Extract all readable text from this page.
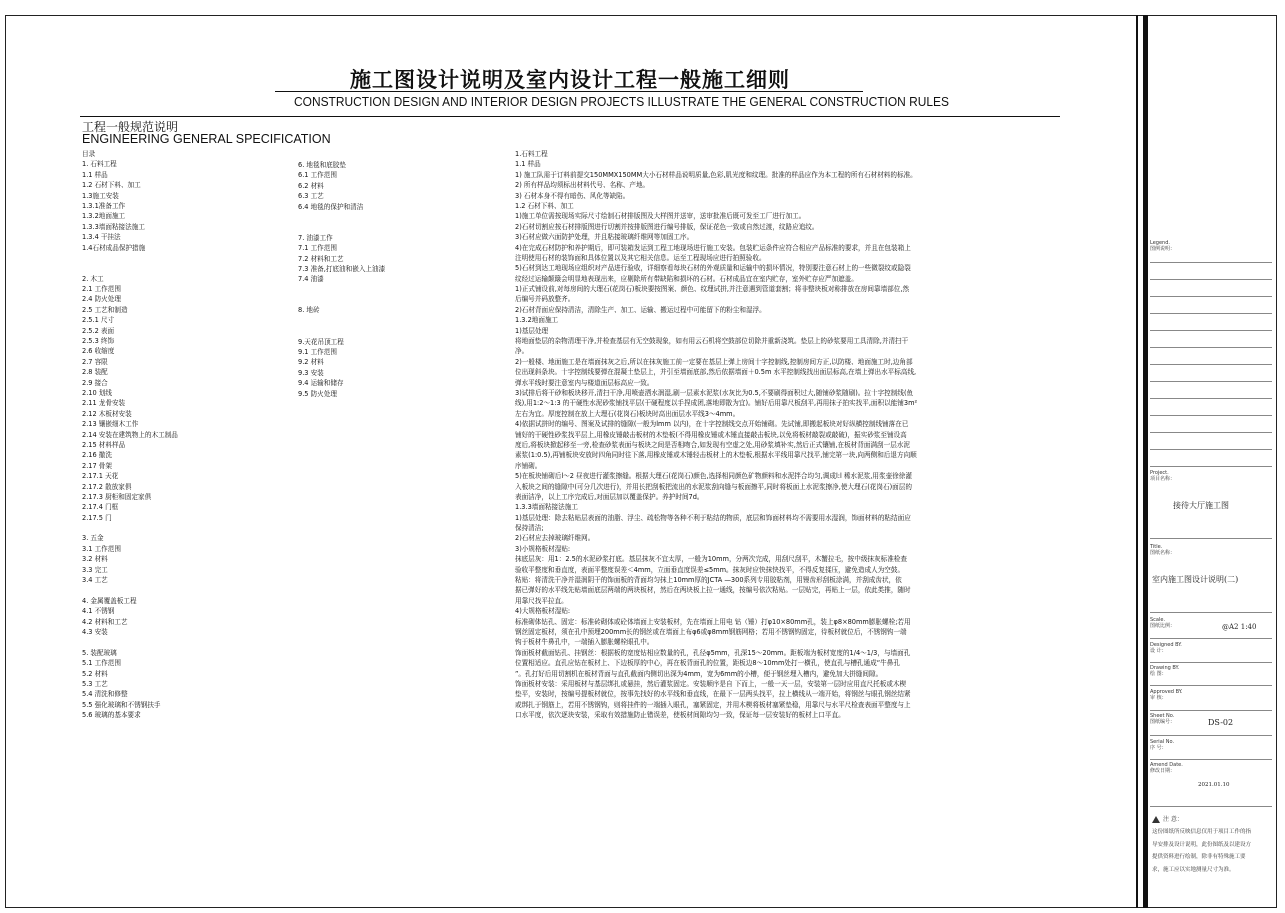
施工图设计说明及室内设计工程一般施工细则
CONSTRUCTION DESIGN AND INTERIOR DESIGN PROJECTS ILLUSTRATE THE GENERAL CONSTRUCTION RULES
工程一般规范说明
ENGINEERING GENERAL SPECIFICATION
目录
1. 石料工程
1.1 样品
1.2 石材下料、加工
1.3施工安装
1.3.1准备工作
1.3.2地面施工
1.3.3墙面粘接法施工
1.3.4 干挂法
1.4石材成品保护措施
2. 木工
2.1 工作范围
2.4 防火处理
2.5 工艺和制造
2.5.1 尺寸
2.5.2 表面
2.5.3 终饰
2.6 收缩度
2.7 容限
2.8 装配
2.9 接合
2.10 划线
2.11 龙骨安装
2.12 木板材安装
2.13 镶嵌细木工作
2.14 安装在建筑物上的木工制品
2.15 材料样品
2.16 撤洗
2.17 骨架
2.17.1 天花
2.17.2 散放家俱
2.17.3 厨柜和固定家俱
2.17.4 门框
2.17.5 门
3. 五金
3.1 工作范围
3.2 材料
3.3 完工
3.4 工艺
4. 金属覆盖板工程
4.1 不锈钢
4.2 材料和工艺
4.3 安装
5. 装配玻璃
5.1 工作范围
5.2 材料
5.3 工艺
5.4 清洗和修整
5.5 强化玻璃和不锈钢扶手
5.6 玻璃的基本要求
6. 地毯和底胶垫
6.1 工作范围
6.2 材料
6.3 工艺
6.4 地毯的保护和清洁
7. 油漆工作
7.1 工作范围
7.2 材料和工艺
7.3 准备,打底油和嵌入上油漆
7.4 油漆
8. 地砖
9.天花吊顶工程
9.1 工作范围
9.2 材料
9.3 安装
9.4 运输和储存
9.5 防火处理
1.石料工程
1.1 样品
1) 施工队需于订料前提交150MMX150MM大小石材样品说明质量,色彩,肌光度和纹理。批准的样品应作为本工程的所有石材材料的标准。
2) 所有样品均须标出材料代号、名称、产地。
3) 石材本身不得有暗伤、风化等缺陷。
1.2 石材下料、加工
1)施工单位需按现场实际尺寸绘制石材排版图及大样图并送审，送审批准后既可发至工厂进行加工。
2)石材切割应按石材排版图进行切割并按排版图进行编号排版，保证花色一致或自然过渡，纹路应追纹。
3)石材应做六面防护处理，并且粘接玻璃纤维网等加固工序。
4)在完成石材防护和养护期后，即可装箱发运到工程工地现场进行施工安装。包装贮运条件应符合相应产品标准的要求，并且在包装箱上
注明使用石材的装饰面和具体位置以及其它相关信息。运至工程现场应进行拍照验收。
5)石材到达工地现场应组织对产品进行验收，详细察看每块石材的外观质量和运输中的损坏情况，特别要注意石材上的一些微裂纹或隐裂
纹经过运输颠簸会明显地表现出来，应剔除所有带缺陷和损坏的石材。石材成品宜在室内贮存，室外贮存应严加遮盖。
1)正式铺设前,对每房间的大理石(花岗石)板块要按图案、颜色、纹理试拼,并注意遇到管道套割；将非整块板对称排放在房间靠墙部位,然
后编号并码放整齐。
2)石材背面应保持清洁，清除生产、加工、运输、搬运过程中可能留下的粉尘和湿浮。
1.3.2地面施工
1)基层处理
将地面垫层的杂物清理干净,并检查基层有无空鼓现象，如有用云石机将空鼓部位切除并重新浇筑。垫层上的砂浆要用工具清除,并清扫干
净。
2)一般楼、地面施工是在墙面抹灰之后,所以在抹灰施工前一定要在基层上弹上房间十字控制线,控制房间方正,以防楼、地面施工时,边角部
位出现斜条块。十字控制线要弹在混凝土垫层上，并引至墙面底部,然后依据墙面＋0.5m 水平控制线找出面层标高,在墙上弹出水平标高线,
弹水平线时要注意室内与楼道面层标高应一致。
3)试排后将干砂和板块移开,清扫干净,用喷壶洒水润湿,刷一层素水泥浆(水灰比为0.5,不要刷得面积过大,随铺砂浆随刷)。拉十字控制线(鱼
线),用1:2～1:3 的干硬性水泥砂浆铺找平层(干硬程度以手捏成团,落地即散为宜)。铺好后用靠尺板刮平,再用抹子拍实找平,面积以能铺3m²
左右为宜。厚度控制在放上大理石(花岗石)板块时高出面层水平线3～4mm。
4)依据试拼时的编号、图案及试排的缝隙(一般为lmm 以内)，在十字控制线交点开始铺砌。先试铺,即搬起板块对好纵横控制线铺落在已
铺好的干硬性砂浆找平层上,用橡皮锤敲击板材的木垫板(不得用橡皮锤或木锤直接敲击板块,以免将板材敲裂或敲破)，振实砂浆至铺设高
度后,将板块掀起移至一旁,检查砂浆表面与板块之间是否相吻合,如发现有空虚之处,用砂浆填补实,然后正式镶铺,在板材背面满刮一层水泥
素浆(1:0.5),再铺板块安放时四角同时往下落,用橡皮锤或木锤轻击板材上的木垫板,根据水平线用靠尺找平,铺完第一块,向两侧和后退方向顺
序铺砌。
5)在板块铺砌后l～2 昼夜进行灌浆擦缝。根据大理石(花岗石)颜色,选择相同颜色矿物颜料和水泥拌合均匀,调成l:l 稀水泥浆,用浆壶徐徐灌
入板块之间的缝隙中(可分几次进行)，并用长把刮板把流出的水泥浆刮向缝与板面擦平,同时将板面上水泥浆擦净,使大理石(花岗石)面层的
表面洁净，以上工序完成后,对面层加以覆盖保护。养护时间7d。
1.3.3墙面粘接法施工
1)基层处理：除去粘贴层表面的油脂、浮尘、疏松物等各种不利于粘结的物质，底层和饰面材料均不需要用水湿润，饰面材料的粘结面应
保持清洁;
2)石材应去掉玻璃纤维网。
3)小规格板材湿贴:
抹底层灰：用1：2.5的水泥砂浆打底。基层抹灰不宜太厚，一般为10mm，分两次完成，用刮尺刮平，木蟹拉毛，按中级抹灰标准检查
验收平整度和垂直度，表面平整度误差＜4mm，立面垂直度误差≤5mm。抹灰时应快抹快找平，不得反复揉压，避免造成人为空鼓。
粘贴：将清洗干净并湿润阴干的饰面板的背面均匀抹上10mm厚的JCTA —300系列专用胶粘剂，用镘齿形刮板涂满，并刮成齿状，依
据已弹好的水平线先贴墙面底层两端的两块板材，然后在两块板上拉一通线，按编号依次粘贴。一层贴完，再贴上一层，依此类推，随时
用靠尺找平拉直。
4)大规格板材湿贴:
标准砌体钻孔、固定：标准砖砌体或砼体墙面上安装板材，先在墙面上用电 钻（锤）打φ10×80mm孔，装上φ8×80mm膨胀螺栓;若用
钢丝固定板材，须在孔中预埋200mm长的钢丝或在墙面上布φ6或φ8mm钢筋网格；若用不锈钢钩固定，待板材就位后，不锈钢钩一端
钩于板材牛鼻孔中，一端插入膨胀螺栓眼孔中。
饰面板材截面钻孔、挂钢丝：根据板的宽度钻相应数量的孔，孔径φ5mm，孔深15～20mm。距板端为板材宽度的1/4～1/3，与墙面孔
位置相适应。直孔应钻在板材上、下边板厚的中心，再在板背面孔的位置，距板边8～10mm处打一横孔，使直孔与槽孔通成“牛鼻孔
”。孔打好后用切割机在板材背面与直孔截面内侧切出深为4mm，宽为6mm的小槽，便于钢丝埋入槽内，避免加大拼缝间隙。
饰面板材安装：采用板材与基层绑扎或悬挂，然后灌浆固定。安装顺序是自 下而上，一般一天一层，安装第一层时应用直尺托板或木楔
垫平，安装时，按编号提板材就位，按事先找好的水平线和垂直线，在最下一层两头找平，拉上横线从一端开始，将钢丝与眼孔钢丝结紧
或绑扎于钢筋上，若用不锈钢钩，则将挂件的一端插入眼孔，塞紧固定，并用木楔将板材塞紧垫稳，用靠尺与水平尺检查表面平整度与上
口水平度，依次逐块安装，采取有效措施防止错误差，使板材间隙均匀一致，保证每一层安装好的板材上口平直。
Legend.
图例说明：
Project.
项目名称：
接待大厅施工图
Title.
图纸名称：
室内施工图设计说明(二)
Scale.
图纸比例：	@A2 1:40
Designed BY.
设 计：
Drawing BY.
绘 图：
Approved BY.
审 核：
Sheet No.
图纸编号：	DS-02
Serial No.
序 号：
Amend Date.
修改日期：
2021.01.10
注 意：
这份图纸所反映信息仅用于项目工作的指
导安排及设计说明，此份图纸及以建设方
提供资料进行绘制，除非有特殊施工要
求，施工应以实地测量尺寸为准。
